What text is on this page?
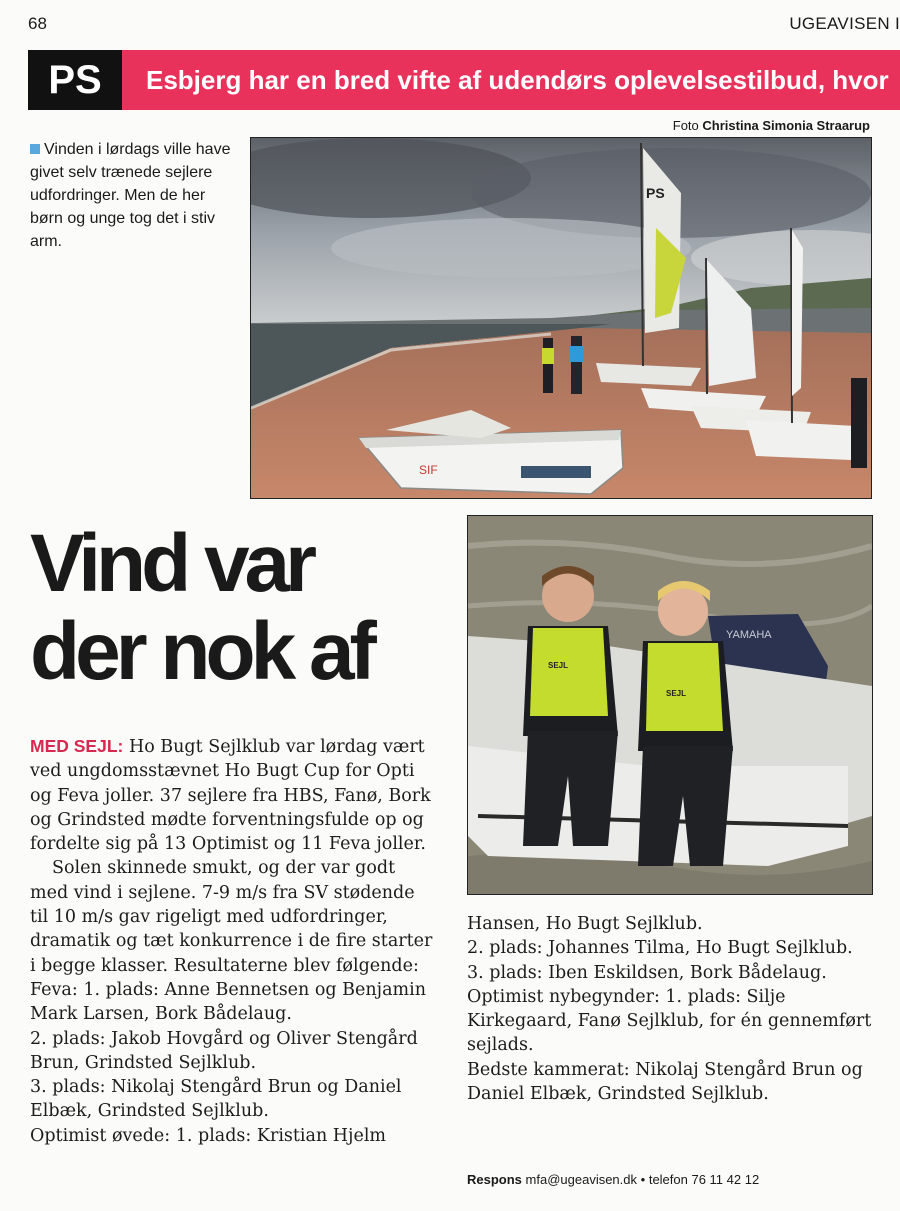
68	UGEAVISEN I
PS	Esbjerg har en bred vifte af udendørs oplevelsestilbud, hvor
Foto Christina Simonia Straarup
Vinden i lørdags ville have givet selv trænede sejlere udfordringer. Men de her børn og unge tog det i stiv arm.
PS
SIF
YAMAHA
SEJL
SEJL
Vind var
der nok af

MED SEJL: Ho Bugt Sejlklub var lørdag vært ved ungdomsstævnet Ho Bugt Cup for Opti og Feva joller. 37 sejlere fra HBS, Fanø, Bork og Grindsted mødte forventningsfulde op og fordelte sig på 13 Optimist og 11 Feva joller.

Solen skinnede smukt, og der var godt med vind i sejlene. 7-9 m/s fra SV stødende til 10 m/s gav rigeligt med udfordringer, dramatik og tæt konkurrence i de fire starter i begge klasser. Resultaterne blev følgende:

Feva: 1. plads: Anne Bennetsen og Benjamin Mark Larsen, Bork Bådelaug.

2. plads: Jakob Hovgård og Oliver Stengård Brun, Grindsted Sejlklub.

3. plads: Nikolaj Stengård Brun og Daniel Elbæk, Grindsted Sejlklub.

Optimist øvede: 1. plads: Kristian Hjelm

Hansen, Ho Bugt Sejlklub.

2. plads: Johannes Tilma, Ho Bugt Sejlklub.

3. plads: Iben Eskildsen, Bork Bådelaug.

Optimist nybegynder: 1. plads: Silje Kirkegaard, Fanø Sejlklub, for én gennemført sejlads.

Bedste kammerat: Nikolaj Stengård Brun og Daniel Elbæk, Grindsted Sejlklub.

Respons mfa@ugeavisen.dk • telefon 76 11 42 12
